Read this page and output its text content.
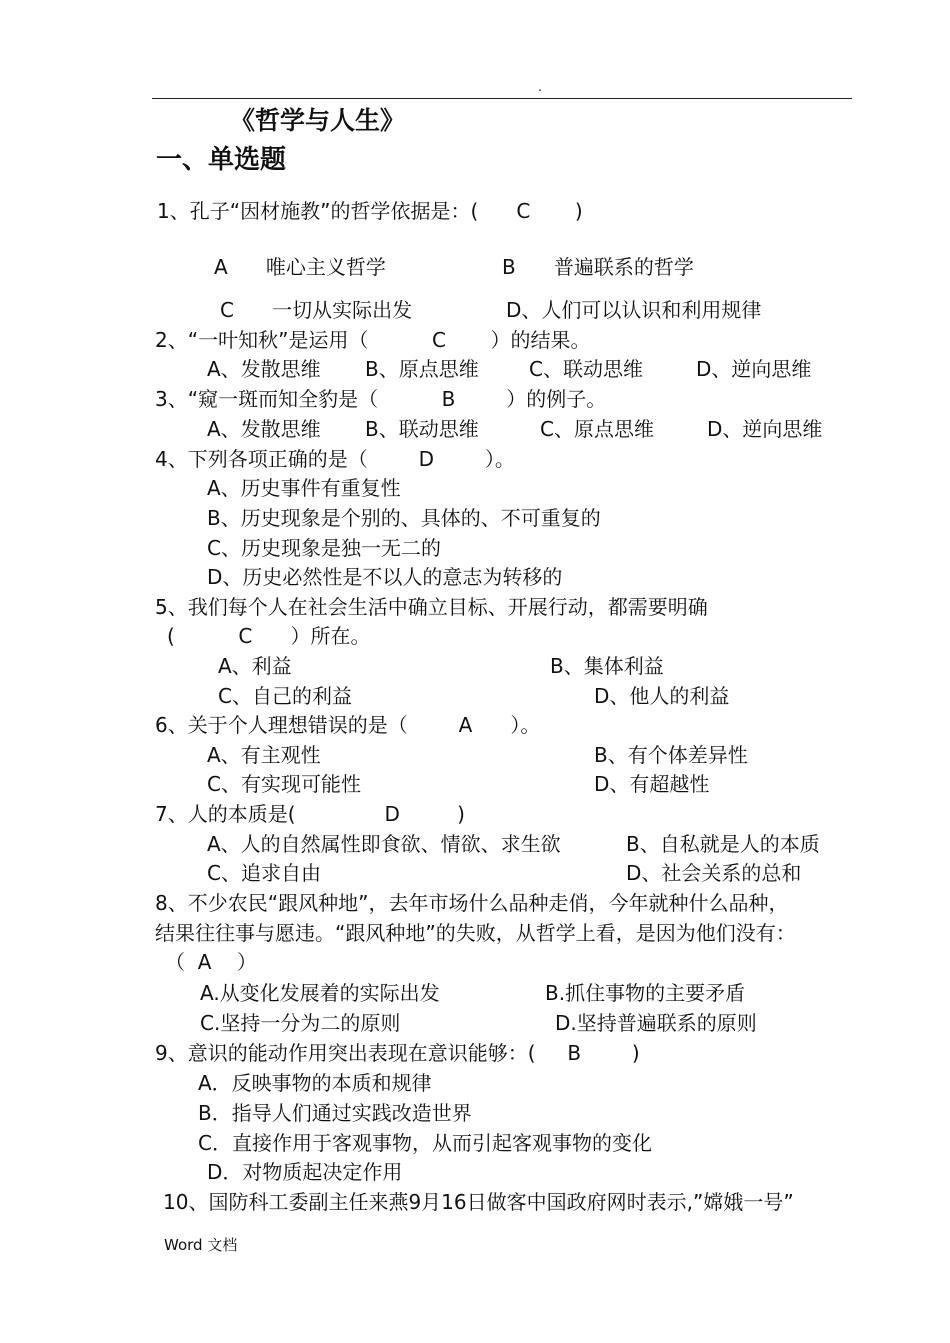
.
《哲学与人生》
一、单选题
1、孔子“因材施教”的哲学依据是：(      C       )
A      唯心主义哲学	B      普遍联系的哲学
C      一切从实际出发	D、人们可以认识和利用规律
2、“一叶知秋”是运用（          C       ）的结果。
A、发散思维 B、原点思维	C、联动思维	D、逆向思维
3、“窥一斑而知全豹是（          B        ）的例子。
A、发散思维 B、联动思维	C、原点思维	D、逆向思维
4、下列各项正确的是（        D        ）。
A、历史事件有重复性
B、历史现象是个别的、具体的、不可重复的
C、历史现象是独一无二的
D、历史必然性是不以人的意志为转移的
5、我们每个人在社会生活中确立目标、开展行动，都需要明确
(          C      ）所在。
A、利益	B、集体利益
C、自己的利益	D、他人的利益
6、关于个人理想错误的是（        A      ）。
A、有主观性	B、有个体差异性
C、有实现可能性	D、有超越性
7、人的本质是(              D         )
A、人的自然属性即食欲、情欲、求生欲	B、自私就是人的本质
C、追求自由	D、社会关系的总和
8、不少农民“跟风种地”，去年市场什么品种走俏，今年就种什么品种，
结果往往事与愿违。“跟风种地”的失败，从哲学上看，是因为他们没有：
（  A    ）
A.从变化发展着的实际出发	B.抓住事物的主要矛盾
C.坚持一分为二的原则	D.坚持普遍联系的原则
9、意识的能动作用突出表现在意识能够：(     B        )
A．反映事物的本质和规律
B．指导人们通过实践改造世界
C．直接作用于客观事物，从而引起客观事物的变化
D．对物质起决定作用
10、国防科工委副主任来燕9月16日做客中国政府网时表示,”嫦娥一号”
Word 文档
